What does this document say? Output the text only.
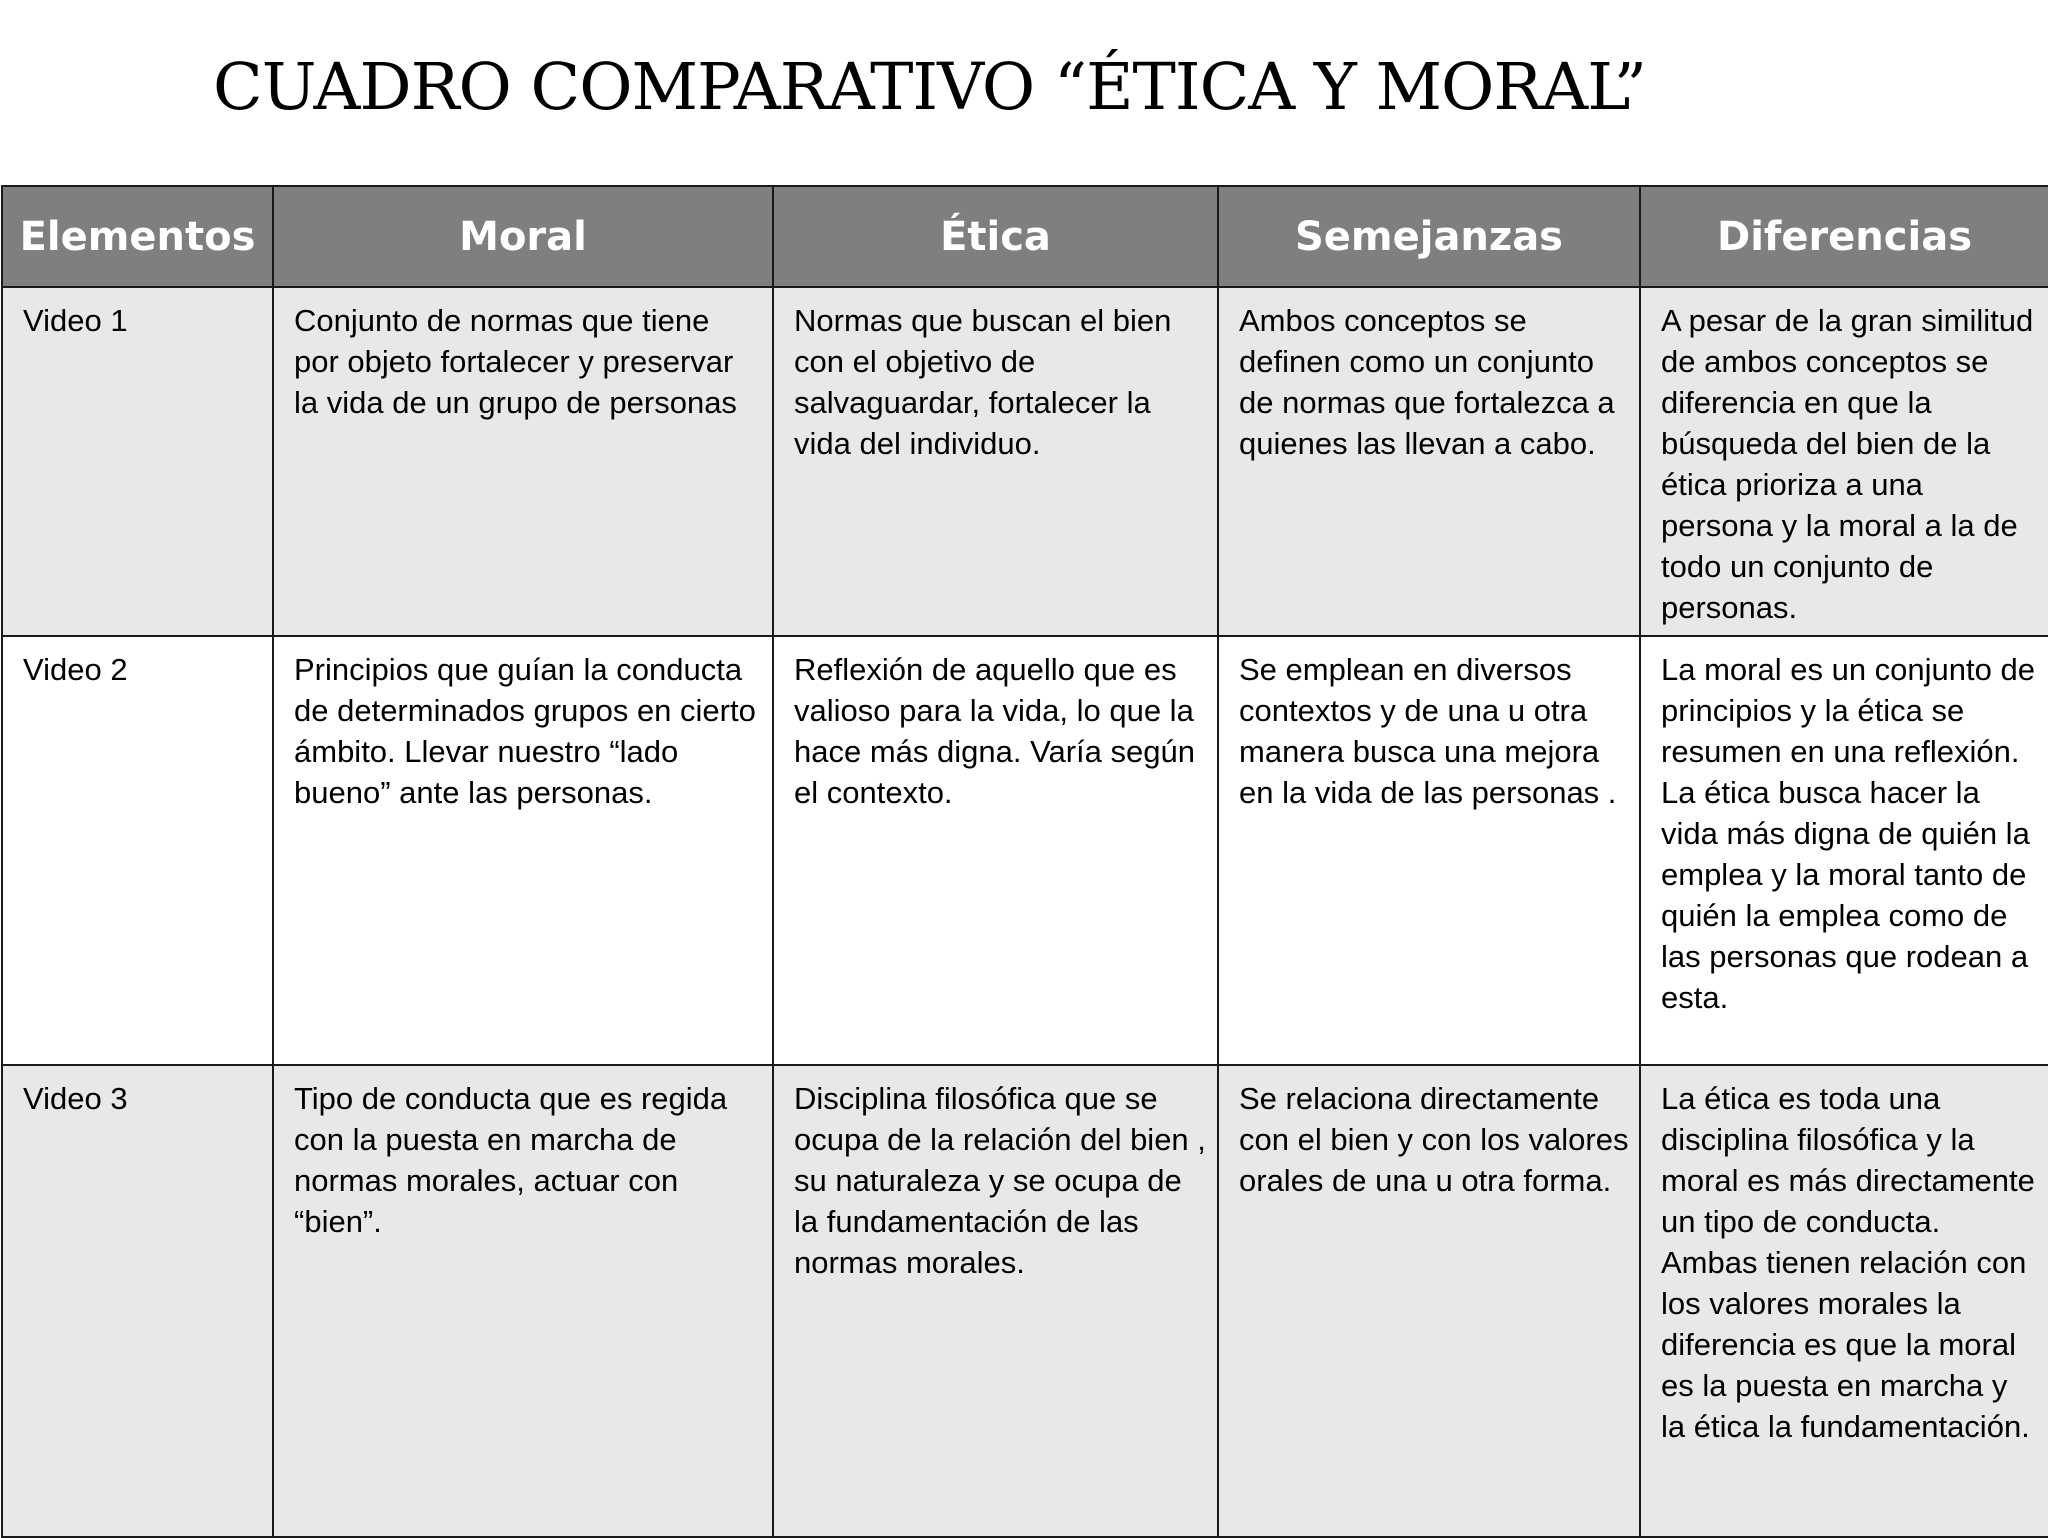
CUADRO COMPARATIVO “ÉTICA Y MORAL”
Elementos	Moral	Ética	Semejanzas	Diferencias
Video 1	Conjunto de normas que tiene por objeto fortalecer y preservar la vida de un grupo de personas	Normas que buscan el bien con el objetivo de salvaguardar, fortalecer la vida del individuo.	Ambos conceptos se definen como un conjunto de normas que fortalezca a quienes las llevan a cabo.	A pesar de la gran similitud de ambos conceptos se diferencia en que la búsqueda del bien de la ética prioriza a una persona y la moral a la de todo un conjunto de personas.
Video 2	Principios que guían la conducta de determinados grupos en cierto ámbito. Llevar nuestro “lado bueno” ante las personas.	Reflexión de aquello que es valioso para la vida, lo que la hace más digna. Varía según el contexto.	Se emplean en diversos contextos y de una u otra manera busca una mejora en la vida de las personas .	La moral es un conjunto de principios y la ética se resumen en una reflexión. La ética busca hacer la vida más digna de quién la emplea y la moral tanto de quién la emplea como de las personas que rodean a esta.
Video 3	Tipo de conducta que es regida con la puesta en marcha de normas morales, actuar con “bien”.	Disciplina filosófica que se ocupa de la relación del bien , su naturaleza y se ocupa de la fundamentación de las normas morales.	Se relaciona directamente con el bien y con los valores orales de una u otra forma.	La ética es toda una disciplina filosófica y la moral es más directamente un tipo de conducta. Ambas tienen relación con los valores morales la diferencia es que la moral es la puesta en marcha y la ética la fundamentación.
